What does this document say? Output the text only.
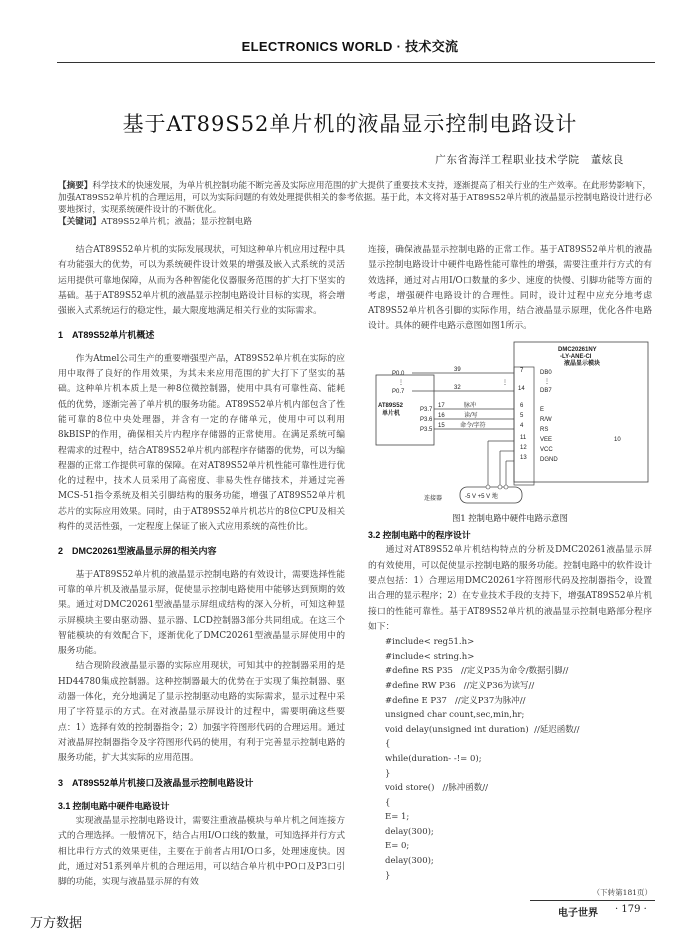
ELECTRONICS WORLD · 技术交流
基于AT89S52单片机的液晶显示控制电路设计
广东省海洋工程职业技术学院　董炫良

【摘要】科学技术的快速发展，为单片机控制功能不断完善及实际应用范围的扩大提供了重要技术支持，逐渐提高了相关行业的生产效率。在此形势影响下，加强AT89S52单片机的合理运用，可以为实际问题的有效处理提供相关的参考依据。基于此，本文将对基于AT89S52单片机的液晶显示控制电路设计进行必要地探讨，实现系统硬件设计的不断优化。

【关键词】AT89S52单片机；液晶；显示控制电路

结合AT89S52单片机的实际发展现状，可知这种单片机应用过程中具有功能强大的优势，可以为系统硬件设计效果的增强及嵌入式系统的灵活运用提供可靠地保障，从而为各种智能化仪器服务范围的扩大打下坚实的基础。基于AT89S52单片机的液晶显示控制电路设计目标的实现，将会增强嵌入式系统运行的稳定性，最大限度地满足相关行业的实际需求。

1　AT89S52单片机概述

作为Atmel公司生产的重要增强型产品，AT89S52单片机在实际的应用中取得了良好的作用效果，为其未来应用范围的扩大打下了坚实的基础。这种单片机本质上是一种8位微控制器，使用中具有可靠性高、能耗低的优势，逐渐完善了单片机的服务功能。AT89S52单片机内部包含了性能可靠的8位中央处理器，并含有一定的存储单元，使用中可以利用8kBISP的作用，确保相关片内程序存储器的正常使用。在满足系统可编程需求的过程中，结合AT89S52单片机内部程序存储器的优势，可以为编程器的正常工作提供可靠的保障。在对AT89S52单片机性能可靠性进行优化的过程中，技术人员采用了高密度、非易失性存储技术，并通过完善MCS-51指令系统及相关引脚结构的服务功能，增强了AT89S52单片机芯片的实际应用效果。同时，由于AT89S52单片机芯片的8位CPU及相关构件的灵活性强，一定程度上保证了嵌入式应用系统的高性价比。

2　DMC20261型液晶显示屏的相关内容

基于AT89S52单片机的液晶显示控制电路的有效设计，需要选择性能可靠的单片机及液晶显示屏，促使显示控制电路使用中能够达到预期的效果。通过对DMC20261型液晶显示屏组成结构的深入分析，可知这种显示屏模块主要由驱动器、显示器、LCD控制器3部分共同组成。在这三个智能模块的有效配合下，逐渐优化了DMC20261型液晶显示屏使用中的服务功能。

结合现阶段液晶显示器的实际应用现状，可知其中的控制器采用的是HD44780集成控制器。这种控制器最大的优势在于实现了集控制器、驱动器一体化，充分地满足了显示控制驱动电路的实际需求，显示过程中采用了字符显示的方式。在对液晶显示屏设计的过程中，需要明确这些要点：1）选择有效的控制器指令；2）加强字符图形代码的合理运用。通过对液晶屏控制器指令及字符图形代码的使用，有利于完善显示控制电路的服务功能，扩大其实际的应用范围。

3　AT89S52单片机接口及液晶显示控制电路设计
3.1 控制电路中硬件电路设计

实现液晶显示控制电路设计，需要注重液晶模块与单片机之间连接方式的合理选择。一般情况下，结合占用I/O口线的数量，可知选择并行方式相比串行方式的效果更佳，主要在于前者占用I/O口多，处理速度快。因此，通过对51系列单片机的合理运用，可以结合单片机中PO口及P3口引脚的功能，实现与液晶显示屏的有效

连接，确保液晶显示控制电路的正常工作。基于AT89S52单片机的液晶显示控制电路设计中硬件电路性能可靠性的增强，需要注重并行方式的有效选择，通过对占用I/O口数量的多少、速度的快慢、引脚功能等方面的考虑，增强硬件电路设计的合理性。同时，设计过程中应充分地考虑AT89S52单片机各引脚的实际作用，结合液晶显示原理，优化各件电路设计。具体的硬件电路示意图如图1所示。

DMC20261NY
-LY-ANE-CI
液晶显示模块
AT89S52
单片机
P0.0
P0.7
⋮
39
32
⋮
7	DB0
14	DB7
⋮
P3.7
P3.6
P3.5
17
16
15
脉冲
读/写
命令/字符
6
E
5
R/W
4
RS
11 VEE
12 VCC
13 DGND
10
连接器	-5 V +5 V 地
图1 控制电路中硬件电路示意图
3.2 控制电路中的程序设计

通过对AT89S52单片机结构特点的分析及DMC20261液晶显示屏的有效使用，可以促使显示控制电路的服务功能。控制电路中的软件设计要点包括：1）合理运用DMC20261字符图形代码及控制器指令，设置出合理的显示程序；2）在专业技术手段的支持下，增强AT89S52单片机接口的性能可靠性。基于AT89S52单片机的液晶显示控制电路部分程序如下：

#include< reg51.h>
#include< string.h>
#define RS P35   //定义P35为命令/数据引脚//
#define RW P36   //定义P36为读写//
#define E P37   //定义P37为脉冲//
unsigned char count,sec,min,hr;
void delay(unsigned int duration)  //延迟函数//
{
while(duration- -!= 0);
}
void store()   //脉冲函数//
{
E= 1;
delay(300);
E= 0;
delay(300);
}
（下转第181页）
电子世界 · 179 ·
万方数据
